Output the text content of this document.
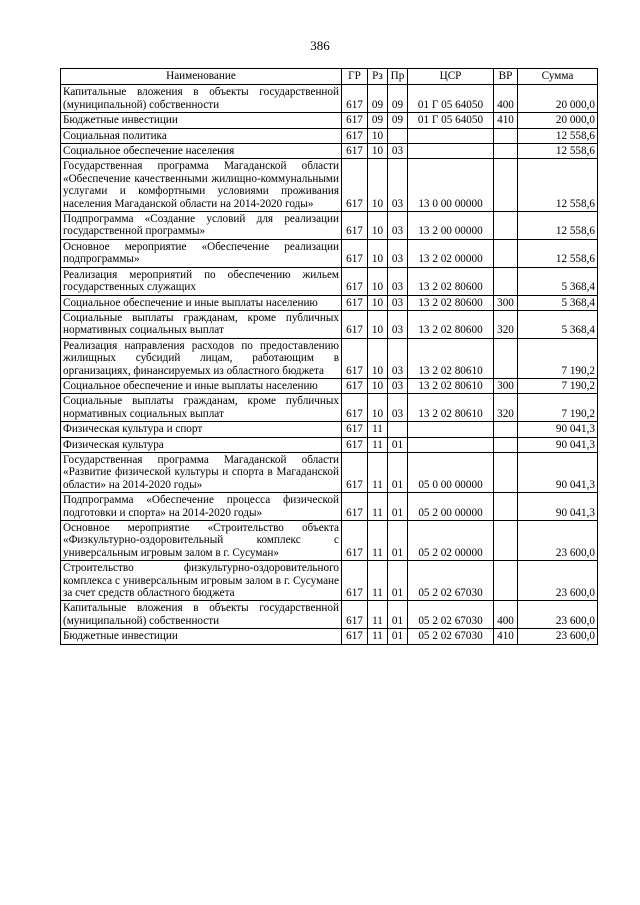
386
Наименование	ГР	Рз	Пр	ЦСР	ВР	Сумма
Капитальные вложения в объекты государственной (муниципальной) собственности	617	09	09	01 Г 05 64050	400	20 000,0
Бюджетные инвестиции	617	09	09	01 Г 05 64050	410	20 000,0
Социальная политика	617	10				12 558,6
Социальное обеспечение населения	617	10	03			12 558,6
Государственная программа Магаданской области «Обеспечение качественными жилищно-коммунальными услугами и комфортными условиями проживания населения Магаданской области на 2014-2020 годы»	617	10	03	13 0 00 00000		12 558,6
Подпрограмма «Создание условий для реализации государственной программы»	617	10	03	13 2 00 00000		12 558,6
Основное мероприятие «Обеспечение реализации подпрограммы»	617	10	03	13 2 02 00000		12 558,6
Реализация мероприятий по обеспечению жильем государственных служащих	617	10	03	13 2 02 80600		5 368,4
Социальное обеспечение и иные выплаты населению	617	10	03	13 2 02 80600	300	5 368,4
Социальные выплаты гражданам, кроме публичных нормативных социальных выплат	617	10	03	13 2 02 80600	320	5 368,4
Реализация направления расходов по предоставлению жилищных субсидий лицам, работающим в организациях, финансируемых из областного бюджета	617	10	03	13 2 02 80610		7 190,2
Социальное обеспечение и иные выплаты населению	617	10	03	13 2 02 80610	300	7 190,2
Социальные выплаты гражданам, кроме публичных нормативных социальных выплат	617	10	03	13 2 02 80610	320	7 190,2
Физическая культура и спорт	617	11				90 041,3
Физическая культура	617	11	01			90 041,3
Государственная программа Магаданской области «Развитие физической культуры и спорта в Магаданской области» на 2014-2020 годы»	617	11	01	05 0 00 00000		90 041,3
Подпрограмма «Обеспечение процесса физической подготовки и спорта» на 2014-2020 годы»	617	11	01	05 2 00 00000		90 041,3
Основное мероприятие «Строительство объекта «Физкультурно-оздоровительный комплекс с универсальным игровым залом в г. Сусуман»	617	11	01	05 2 02 00000		23 600,0
Строительство физкультурно-оздоровительного комплекса с универсальным игровым залом в г. Сусумане за счет средств областного бюджета	617	11	01	05 2 02 67030		23 600,0
Капитальные вложения в объекты государственной (муниципальной) собственности	617	11	01	05 2 02 67030	400	23 600,0
Бюджетные инвестиции	617	11	01	05 2 02 67030	410	23 600,0
